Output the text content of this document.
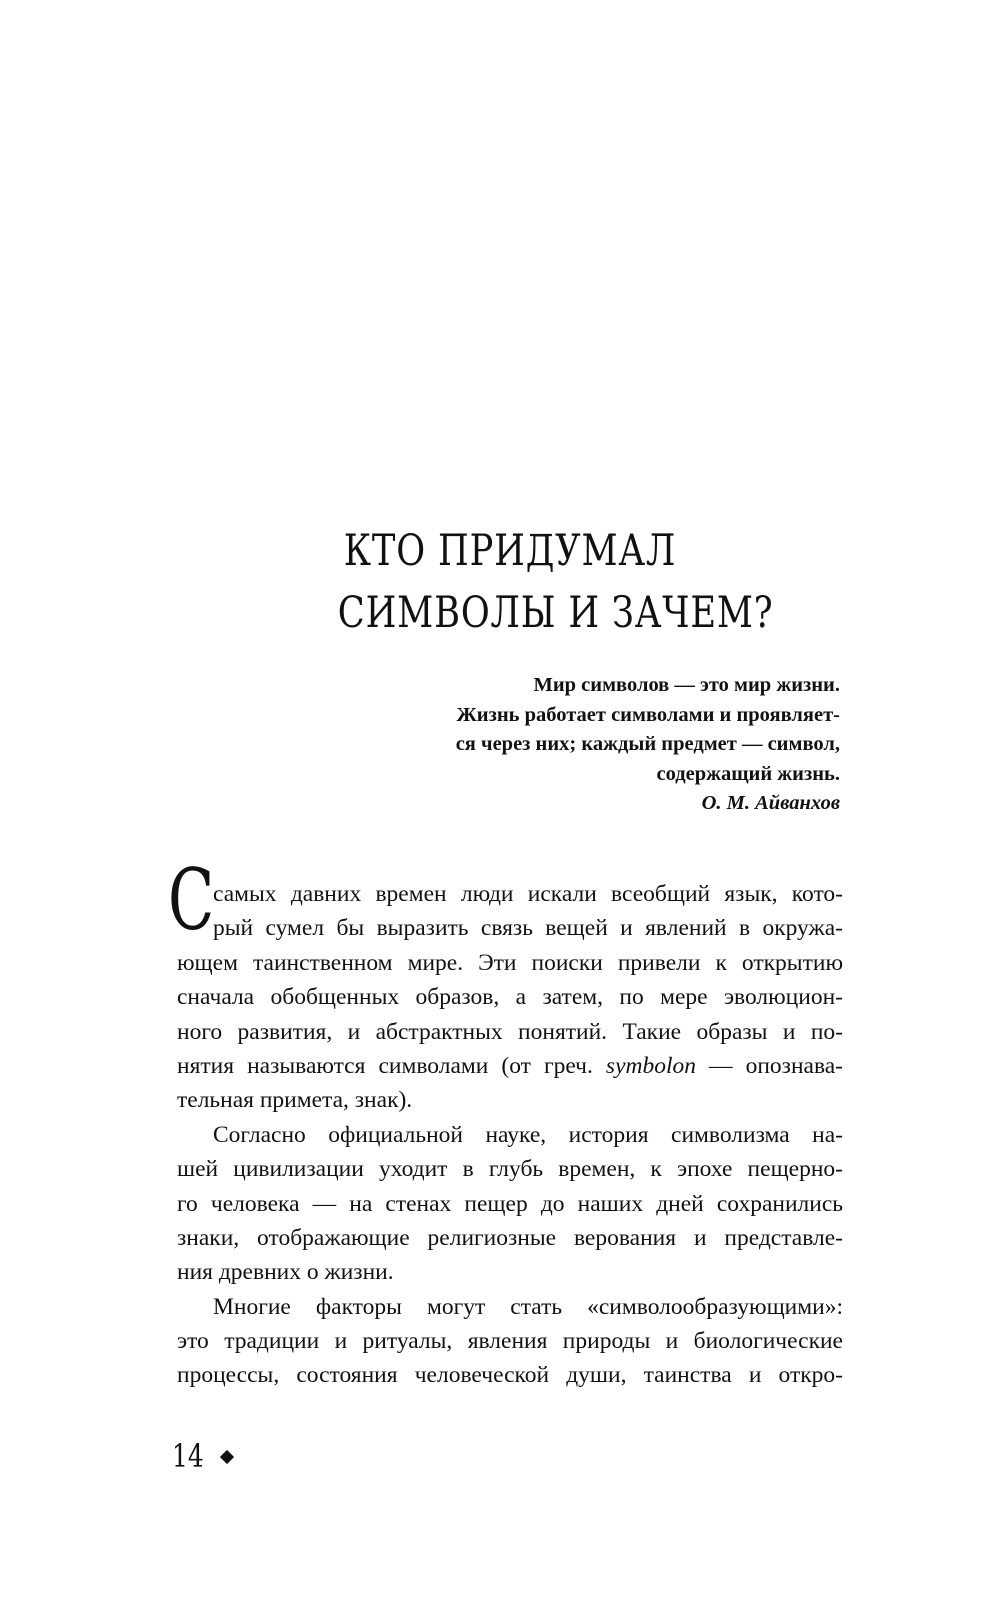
КТО ПРИДУМАЛ
СИМВОЛЫ И ЗАЧЕМ?
Мир символов — это мир жизни.
Жизнь работает символами и проявляет-
ся через них; каждый предмет — символ,
содержащий жизнь.
О. М. Айванхов
С
самых давних времен люди искали всеобщий язык, кото-
рый сумел бы выразить связь вещей и явлений в окружа-
ющем таинственном мире. Эти поиски привели к открытию
сначала обобщенных образов, а затем, по мере эволюцион-
ного развития, и абстрактных понятий. Такие образы и по-
нятия называются символами (от греч. symbolon — опознава-
тельная примета, знак).
Согласно официальной науке, история символизма на-
шей цивилизации уходит в глубь времен, к эпохе пещерно-
го человека — на стенах пещер до наших дней сохранились
знаки, отображающие религиозные верования и представле-
ния древних о жизни.
Многие факторы могут стать «символообразующими»:
это традиции и ритуалы, явления природы и биологические
процессы, состояния человеческой души, таинства и откро-
14
